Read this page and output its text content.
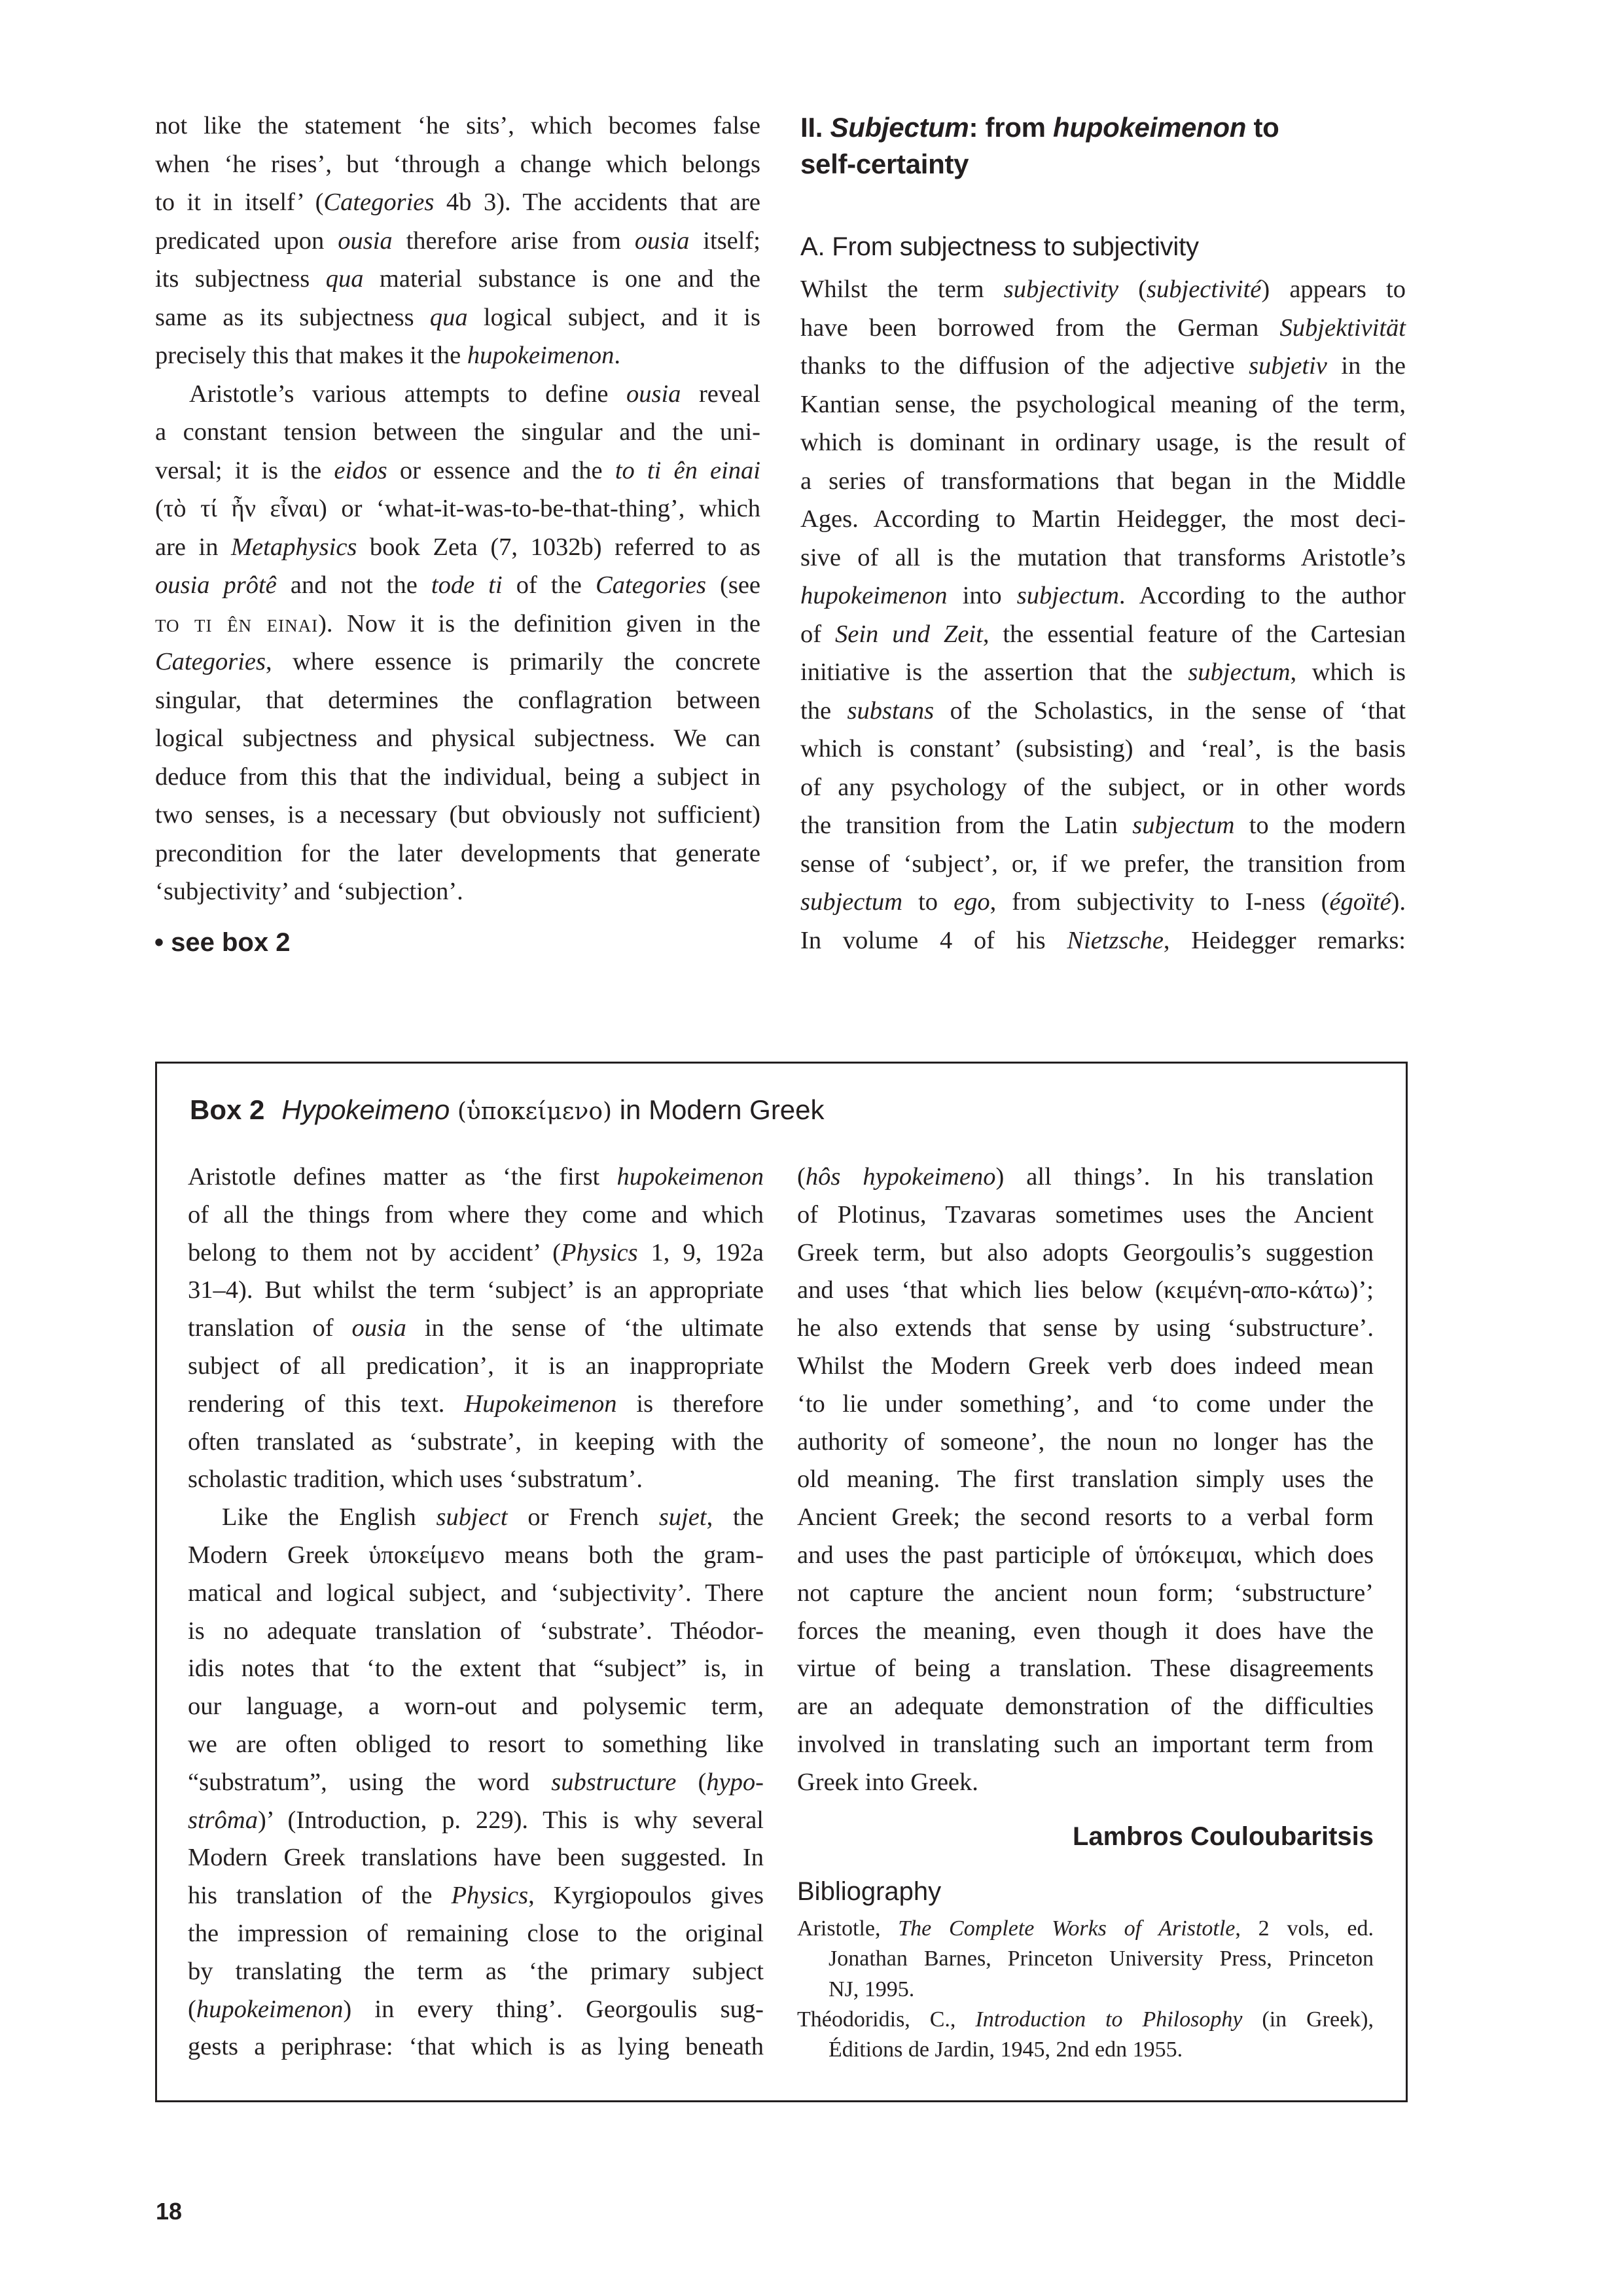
not like the statement ‘he sits’, which becomes false
when ‘he rises’, but ‘through a change which belongs
to it in itself’ (Categories 4b 3). The accidents that are
predicated upon ousia therefore arise from ousia itself;
its subjectness qua material substance is one and the
same as its subjectness qua logical subject, and it is
precisely this that makes it the hupokeimenon.
Aristotle’s various attempts to define ousia reveal
a constant tension between the singular and the uni-
versal; it is the eidos or essence and the to ti ên einai
(τὸ τί ἦν εἶναι) or ‘what-it-was-to-be-that-thing’, which
are in Metaphysics book Zeta (7, 1032b) referred to as
ousia prôtê and not the tode ti of the Categories (see
to ti ên einai). Now it is the definition given in the
Categories, where essence is primarily the concrete
singular, that determines the conflagration between
logical subjectness and physical subjectness. We can
deduce from this that the individual, being a subject in
two senses, is a necessary (but obviously not sufficient)
precondition for the later developments that generate
‘subjectivity’ and ‘subjection’.
• see box 2
II. Subjectum: from hupokeimenon to
self-certainty
A. From subjectness to subjectivity
Whilst the term subjectivity (subjectivité) appears to
have been borrowed from the German Subjektivität
thanks to the diffusion of the adjective subjetiv in the
Kantian sense, the psychological meaning of the term,
which is dominant in ordinary usage, is the result of
a series of transformations that began in the Middle
Ages. According to Martin Heidegger, the most deci-
sive of all is the mutation that transforms Aristotle’s
hupokeimenon into subjectum. According to the author
of Sein und Zeit, the essential feature of the Cartesian
initiative is the assertion that the subjectum, which is
the substans of the Scholastics, in the sense of ‘that
which is constant’ (subsisting) and ‘real’, is the basis
of any psychology of the subject, or in other words
the transition from the Latin subjectum to the modern
sense of ‘subject’, or, if we prefer, the transition from
subjectum to ego, from subjectivity to I-ness (égoïté).
In volume 4 of his Nietzsche, Heidegger remarks:
Box 2 Hypokeimeno (ὑποκείμενο) in Modern Greek
Aristotle defines matter as ‘the first hupokeimenon
of all the things from where they come and which
belong to them not by accident’ (Physics 1, 9, 192a
31–4). But whilst the term ‘subject’ is an appropriate
translation of ousia in the sense of ‘the ultimate
subject of all predication’, it is an inappropriate
rendering of this text. Hupokeimenon is therefore
often translated as ‘substrate’, in keeping with the
scholastic tradition, which uses ‘substratum’.
Like the English subject or French sujet, the
Modern Greek ὑποκείμενο means both the gram-
matical and logical subject, and ‘subjectivity’. There
is no adequate translation of ‘substrate’. Théodor-
idis notes that ‘to the extent that “subject” is, in
our language, a worn-out and polysemic term,
we are often obliged to resort to something like
“substratum”, using the word substructure (hypo-
strôma)’ (Introduction, p. 229). This is why several
Modern Greek translations have been suggested. In
his translation of the Physics, Kyrgiopoulos gives
the impression of remaining close to the original
by translating the term as ‘the primary subject
(hupokeimenon) in every thing’. Georgoulis sug-
gests a periphrase: ‘that which is as lying beneath
(hôs hypokeimeno) all things’. In his translation
of Plotinus, Tzavaras sometimes uses the Ancient
Greek term, but also adopts Georgoulis’s suggestion
and uses ‘that which lies below (κειμένη-απο-κάτω)’;
he also extends that sense by using ‘substructure’.
Whilst the Modern Greek verb does indeed mean
‘to lie under something’, and ‘to come under the
authority of someone’, the noun no longer has the
old meaning. The first translation simply uses the
Ancient Greek; the second resorts to a verbal form
and uses the past participle of ὑπόκειμαι, which does
not capture the ancient noun form; ‘substructure’
forces the meaning, even though it does have the
virtue of being a translation. These disagreements
are an adequate demonstration of the difficulties
involved in translating such an important term from
Greek into Greek.
Lambros Couloubaritsis
Bibliography
Aristotle, The Complete Works of Aristotle, 2 vols, ed.
Jonathan Barnes, Princeton University Press, Princeton
NJ, 1995.
Théodoridis, C., Introduction to Philosophy (in Greek),
Éditions de Jardin, 1945, 2nd edn 1955.
18
